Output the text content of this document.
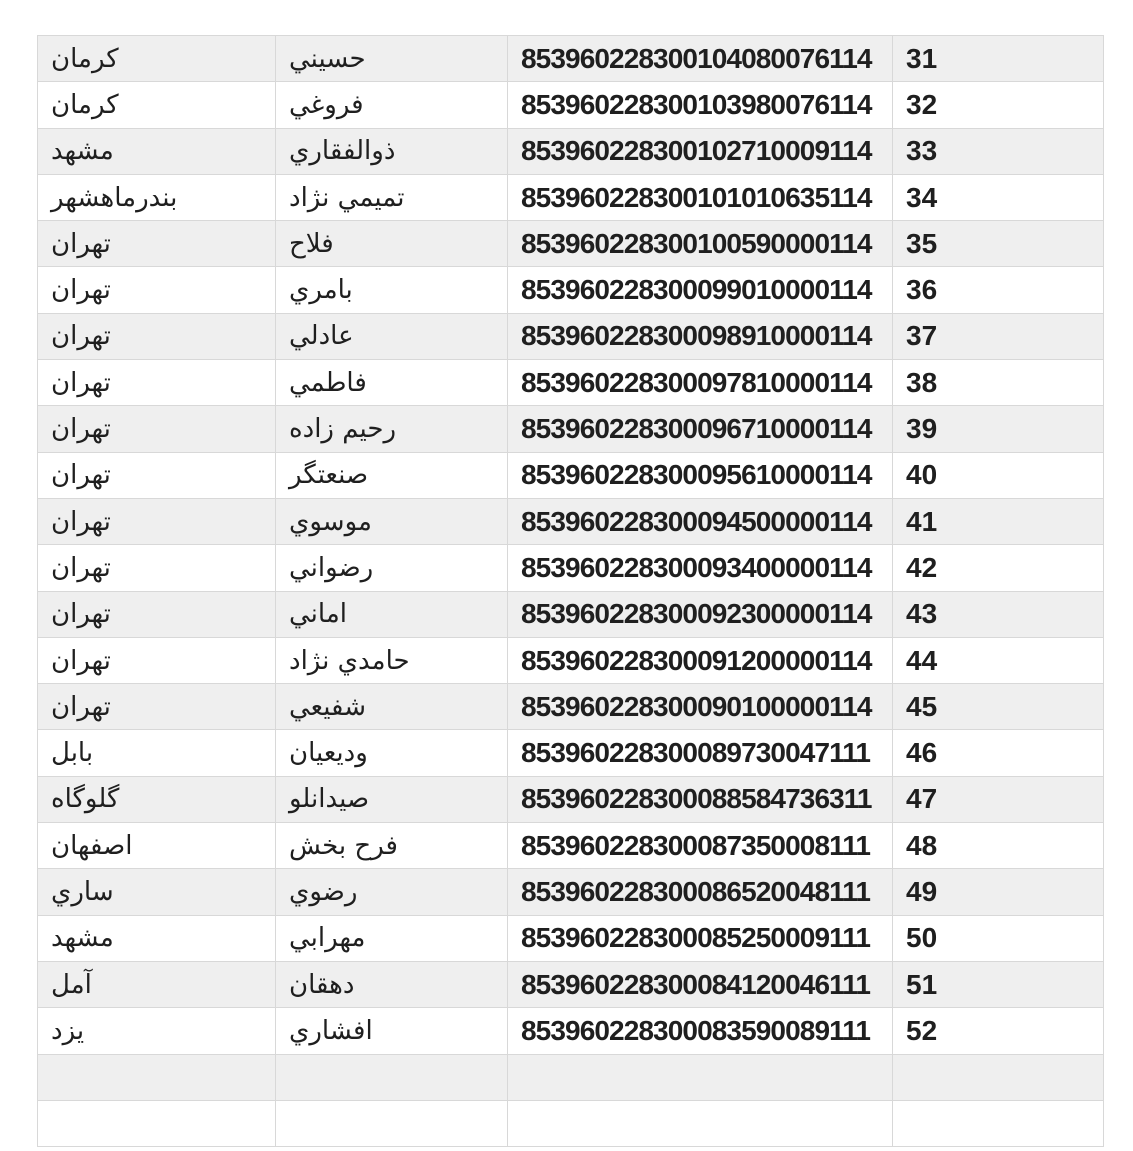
کرمان	حسيني	853960228300104080076114	31
کرمان	فروغي	853960228300103980076114	32
مشهد	ذوالفقاري	853960228300102710009114	33
بندرماهشهر	تميمي نژاد	853960228300101010635114	34
تهران	فلاح	853960228300100590000114	35
تهران	بامري	853960228300099010000114	36
تهران	عادلي	853960228300098910000114	37
تهران	فاطمي	853960228300097810000114	38
تهران	رحيم زاده	853960228300096710000114	39
تهران	صنعتگر	853960228300095610000114	40
تهران	موسوي	853960228300094500000114	41
تهران	رضواني	853960228300093400000114	42
تهران	اماني	853960228300092300000114	43
تهران	حامدي نژاد	853960228300091200000114	44
تهران	شفيعي	853960228300090100000114	45
بابل	وديعيان	853960228300089730047111	46
گلوگاه	صيدانلو	853960228300088584736311	47
اصفهان	فرح بخش	853960228300087350008111	48
ساري	رضوي	853960228300086520048111	49
مشهد	مهرابي	853960228300085250009111	50
آمل	دهقان	853960228300084120046111	51
يزد	افشاري	853960228300083590089111	52
